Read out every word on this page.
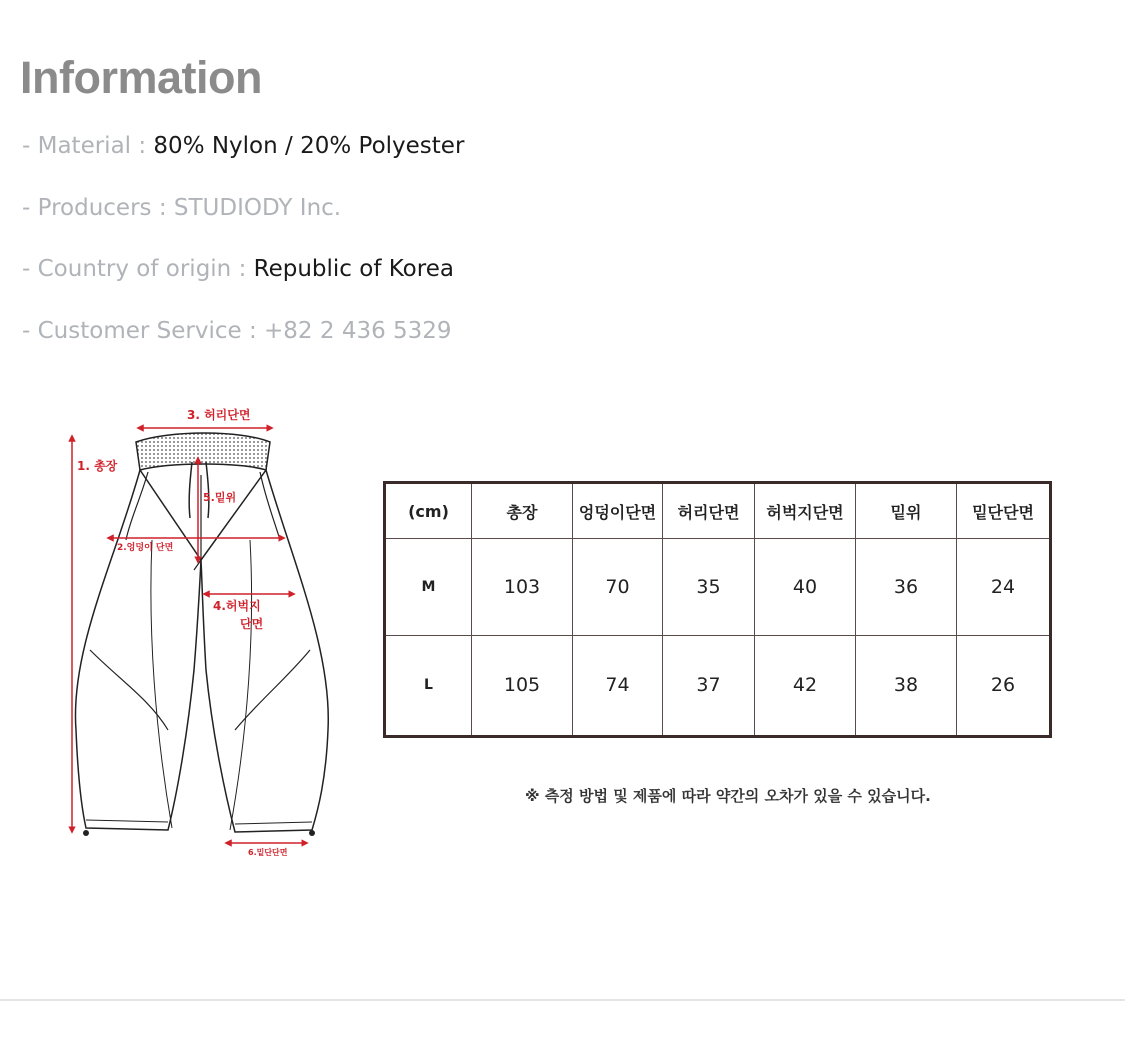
Information
- Material : 80% Nylon / 20% Polyester
- Producers : STUDIODY Inc.
- Country of origin : Republic of Korea
- Customer Service : +82 2 436 5329
1. 총장
2.엉덩이 단면
3. 허리단면
4.허벅지
단면
5.밑위
6.밑단단면
(cm)	총장	엉덩이단면	허리단면	허벅지단면	밑위	밑단단면
M	103	70	35	40	36	24
L	105	74	37	42	38	26
※ 측정 방법 및 제품에 따라 약간의 오차가 있을 수 있습니다.
